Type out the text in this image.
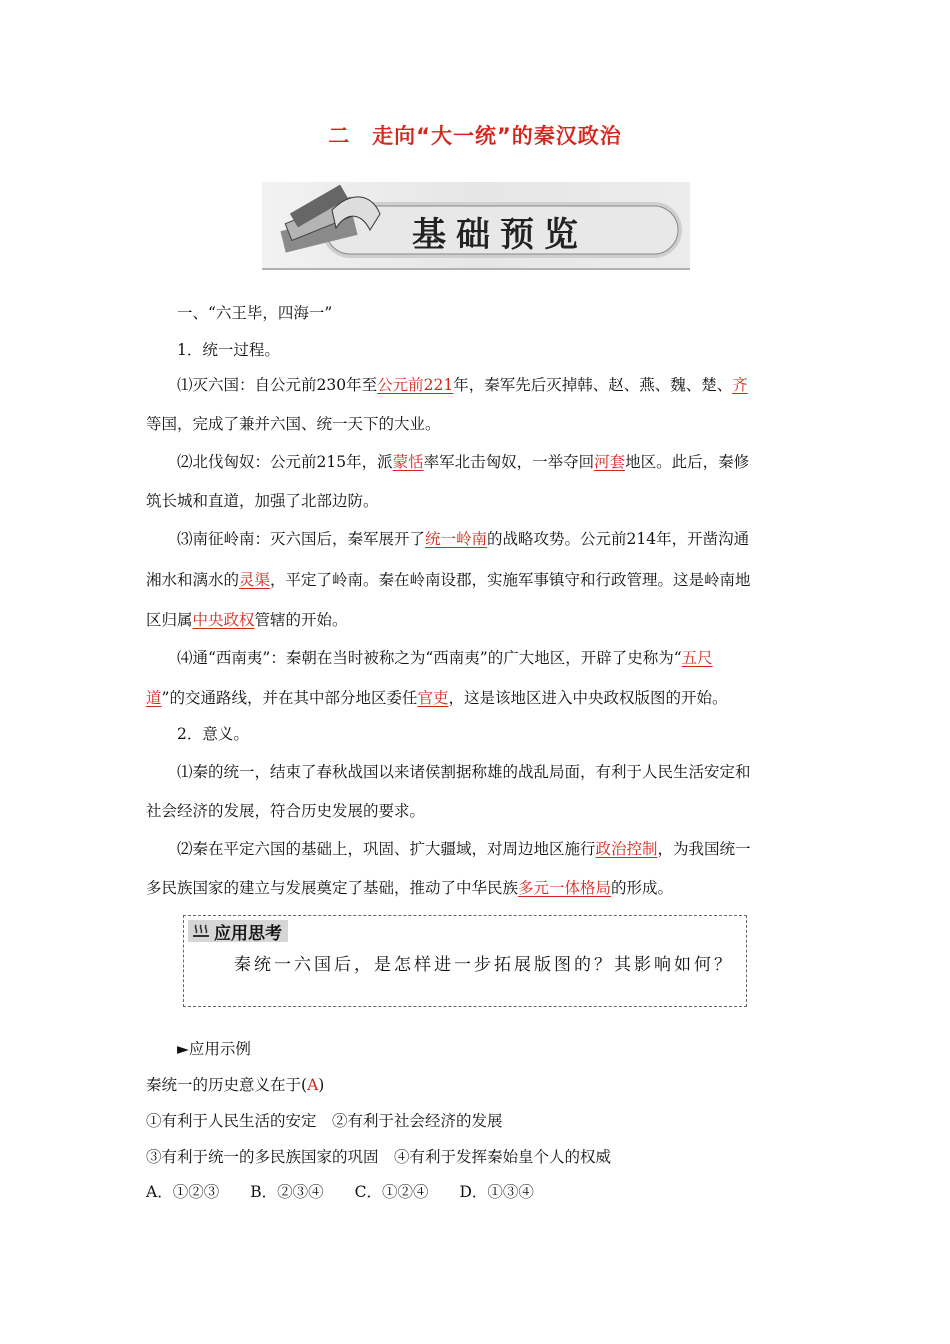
二　走向“大一统”的秦汉政治
基础预览
一、“六王毕，四海一”
1．统一过程。
⑴灭六国：自公元前230年至公元前221年，秦军先后灭掉韩、赵、燕、魏、楚、齐
等国，完成了兼并六国、统一天下的大业。
⑵北伐匈奴：公元前215年，派蒙恬率军北击匈奴，一举夺回河套地区。此后，秦修
筑长城和直道，加强了北部边防。
⑶南征岭南：灭六国后，秦军展开了统一岭南的战略攻势。公元前214年，开凿沟通
湘水和漓水的灵渠，平定了岭南。秦在岭南设郡，实施军事镇守和行政管理。这是岭南地
区归属中央政权管辖的开始。
⑷通“西南夷”：秦朝在当时被称之为“西南夷”的广大地区，开辟了史称为“五尺
道”的交通路线，并在其中部分地区委任官吏，这是该地区进入中央政权版图的开始。
2．意义。
⑴秦的统一，结束了春秋战国以来诸侯割据称雄的战乱局面，有利于人民生活安定和
社会经济的发展，符合历史发展的要求。
⑵秦在平定六国的基础上，巩固、扩大疆域，对周边地区施行政治控制，为我国统一
多民族国家的建立与发展奠定了基础，推动了中华民族多元一体格局的形成。
应用思考
秦统一六国后，是怎样进一步拓展版图的？其影响如何？
►应用示例
秦统一的历史意义在于(A)
①有利于人民生活的安定　②有利于社会经济的发展
③有利于统一的多民族国家的巩固　④有利于发挥秦始皇个人的权威
A．①②③　　B．②③④　　C．①②④　　D．①③④
